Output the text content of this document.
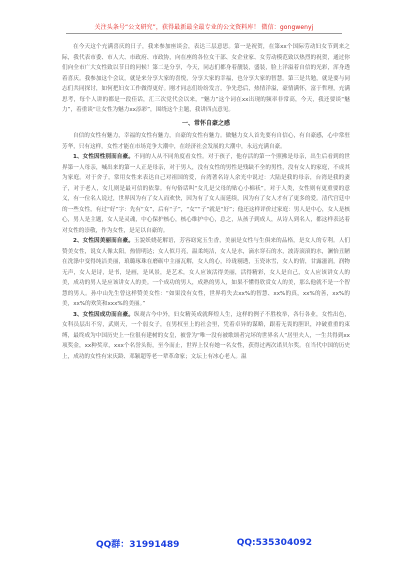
关注头条号“公文研究”，获得最新最全最专业的公文资料库！ 微信：gongwenyj

在今天这个充满喜庆的日子，我来参加座谈会，表达三层意思。第一是祝贺，在第xx个国际劳动妇女节到来之际，我代表市委、市人大、市政府、市政协，向在座的各位女干部、女企业家、女劳动模范致以热烈的祝贺，通过你们向全市广大女性致以节日的问候！第二是分享，今天，同志们都身着靓装，盛装，脸上洋溢着自信的光彩，浑身透着喜庆。我参加这个会议，就是来分享大家的喜悦，分享大家的幸福，也分享大家的智慧。第三是共勉，就是要与同志们共同探讨，如何把妇女工作做得更好。刚才同志们纷纷发言，争先恐后，热情洋溢，豪情满怀，富于哲理，充满思考，每个人讲的都是一段佳话，汇三次党代会以来，“魅力”这个词在xx出现的频率非常高，今天，我还要谈“魅力”，着重谈“让女性为魅力xx添彩”，围绕这个主题，我讲四点意见。

一、常怀自豪之感

自信的女性有魅力，幸福的女性有魅力，自豪的女性有魅力。做魅力女人首先要有自信心，有自豪感，心中常驻芳华，只有这样，女性才能在市场竞争大潮中，在经济社会发展的大潮中，永远充满自豪。

1、女性因性别而自豪。不同的人从不同角度看女性。对于孩子，他存活的第一个照拂是母亲，出生后看到的世界第一人母亲，喊出来的第一人正是母亲，对于男人，没有女性的男性是残缺不全的男性，没有女人的家庭，不成其为家庭。对于舍子，常用女性来表达自己对祖国的爱，台湾著名诗人余光中说过：大陆是我的母亲，台湾是我的妻子，对于老人，女儿则是最可信的依靠。有句俗话叫“女儿是父母的贴心小棉袄”。对于人类，女性则有更重要的意义，有一位名人说过，世界因为有了女人而欢快，因为有了女人而延续，因为有了女人才有了更多的爱。清代宫廷中的一些女性，有过“好”字：先有“女”，后有“子”，“女”“子”就是“好”；他还这样评价过家庭：男人是中心，女人是核心，男人是主题，女人是灵魂，中心保护核心，核心维护中心，总之，从孩子到成人，从诗人到名人，都这样表达着对女性的崇敬，作为女性，是足以自豪的。

2、女性因美丽而自豪。玉貌妖娆花解语，芳容窈窕玉生香，美丽是女性与生俱来的品格，是女人的专利。人们赞美女性，说女人像太阳，热情明达；女人似月亮，温柔纯洁，女人是水，滴水穿石的水，波涛滚滚的水，澜怡丑陋在洗涤中变得纯洁美丽，琅璐琢珠在磨砺中主丽瓦解，女人的心，玲珑剔透，玉瓷冰雪，女人的情，甘露滋润，润物无声，女人是诗，是书，是画，是风景，是艺术，女人应该活得美丽，活得精彩，女人是自己，女人应该讲女人的美，成功的男人是应该讲女人的美。一个成功的男人，成熟的男人，如果不懂得欣赏女人的美，那么他就不是一个智慧的男人。孙中山先生曾这样赞美女性：“如果没有女性，世界将失去xx%的智慧、xx%的真，xx%的善，xx%的美，xx%的欢笑和xxx%的美丽。”

3、女性因成功而自豪。纵观古今中外，妇女精英成就辉煌人生，这样的例子不胜枚举，各行各业，女性出色，女科员层出不穷，武则天，一个弱女子，在男权至上的社会里，凭着卓异的谋略，跟着无畏的胆识，冲破重重的束缚，最终成为中国历史上一位很有建树的女皇，被誉为“唯一没有被歌颂者完坏的世界名人”居里夫人，一生共得到xx项奖金，xx种奖章，xxx个名誉头衔，至今而止，世界上仅有她一名女性，获得过两次诺贝尔奖。在当代中国的历史上，成功的女性有宋庆龄、邓颖超等老一辈革命家；文坛上有冰心老人。温

QQ群：31991489	QQ:535304092
